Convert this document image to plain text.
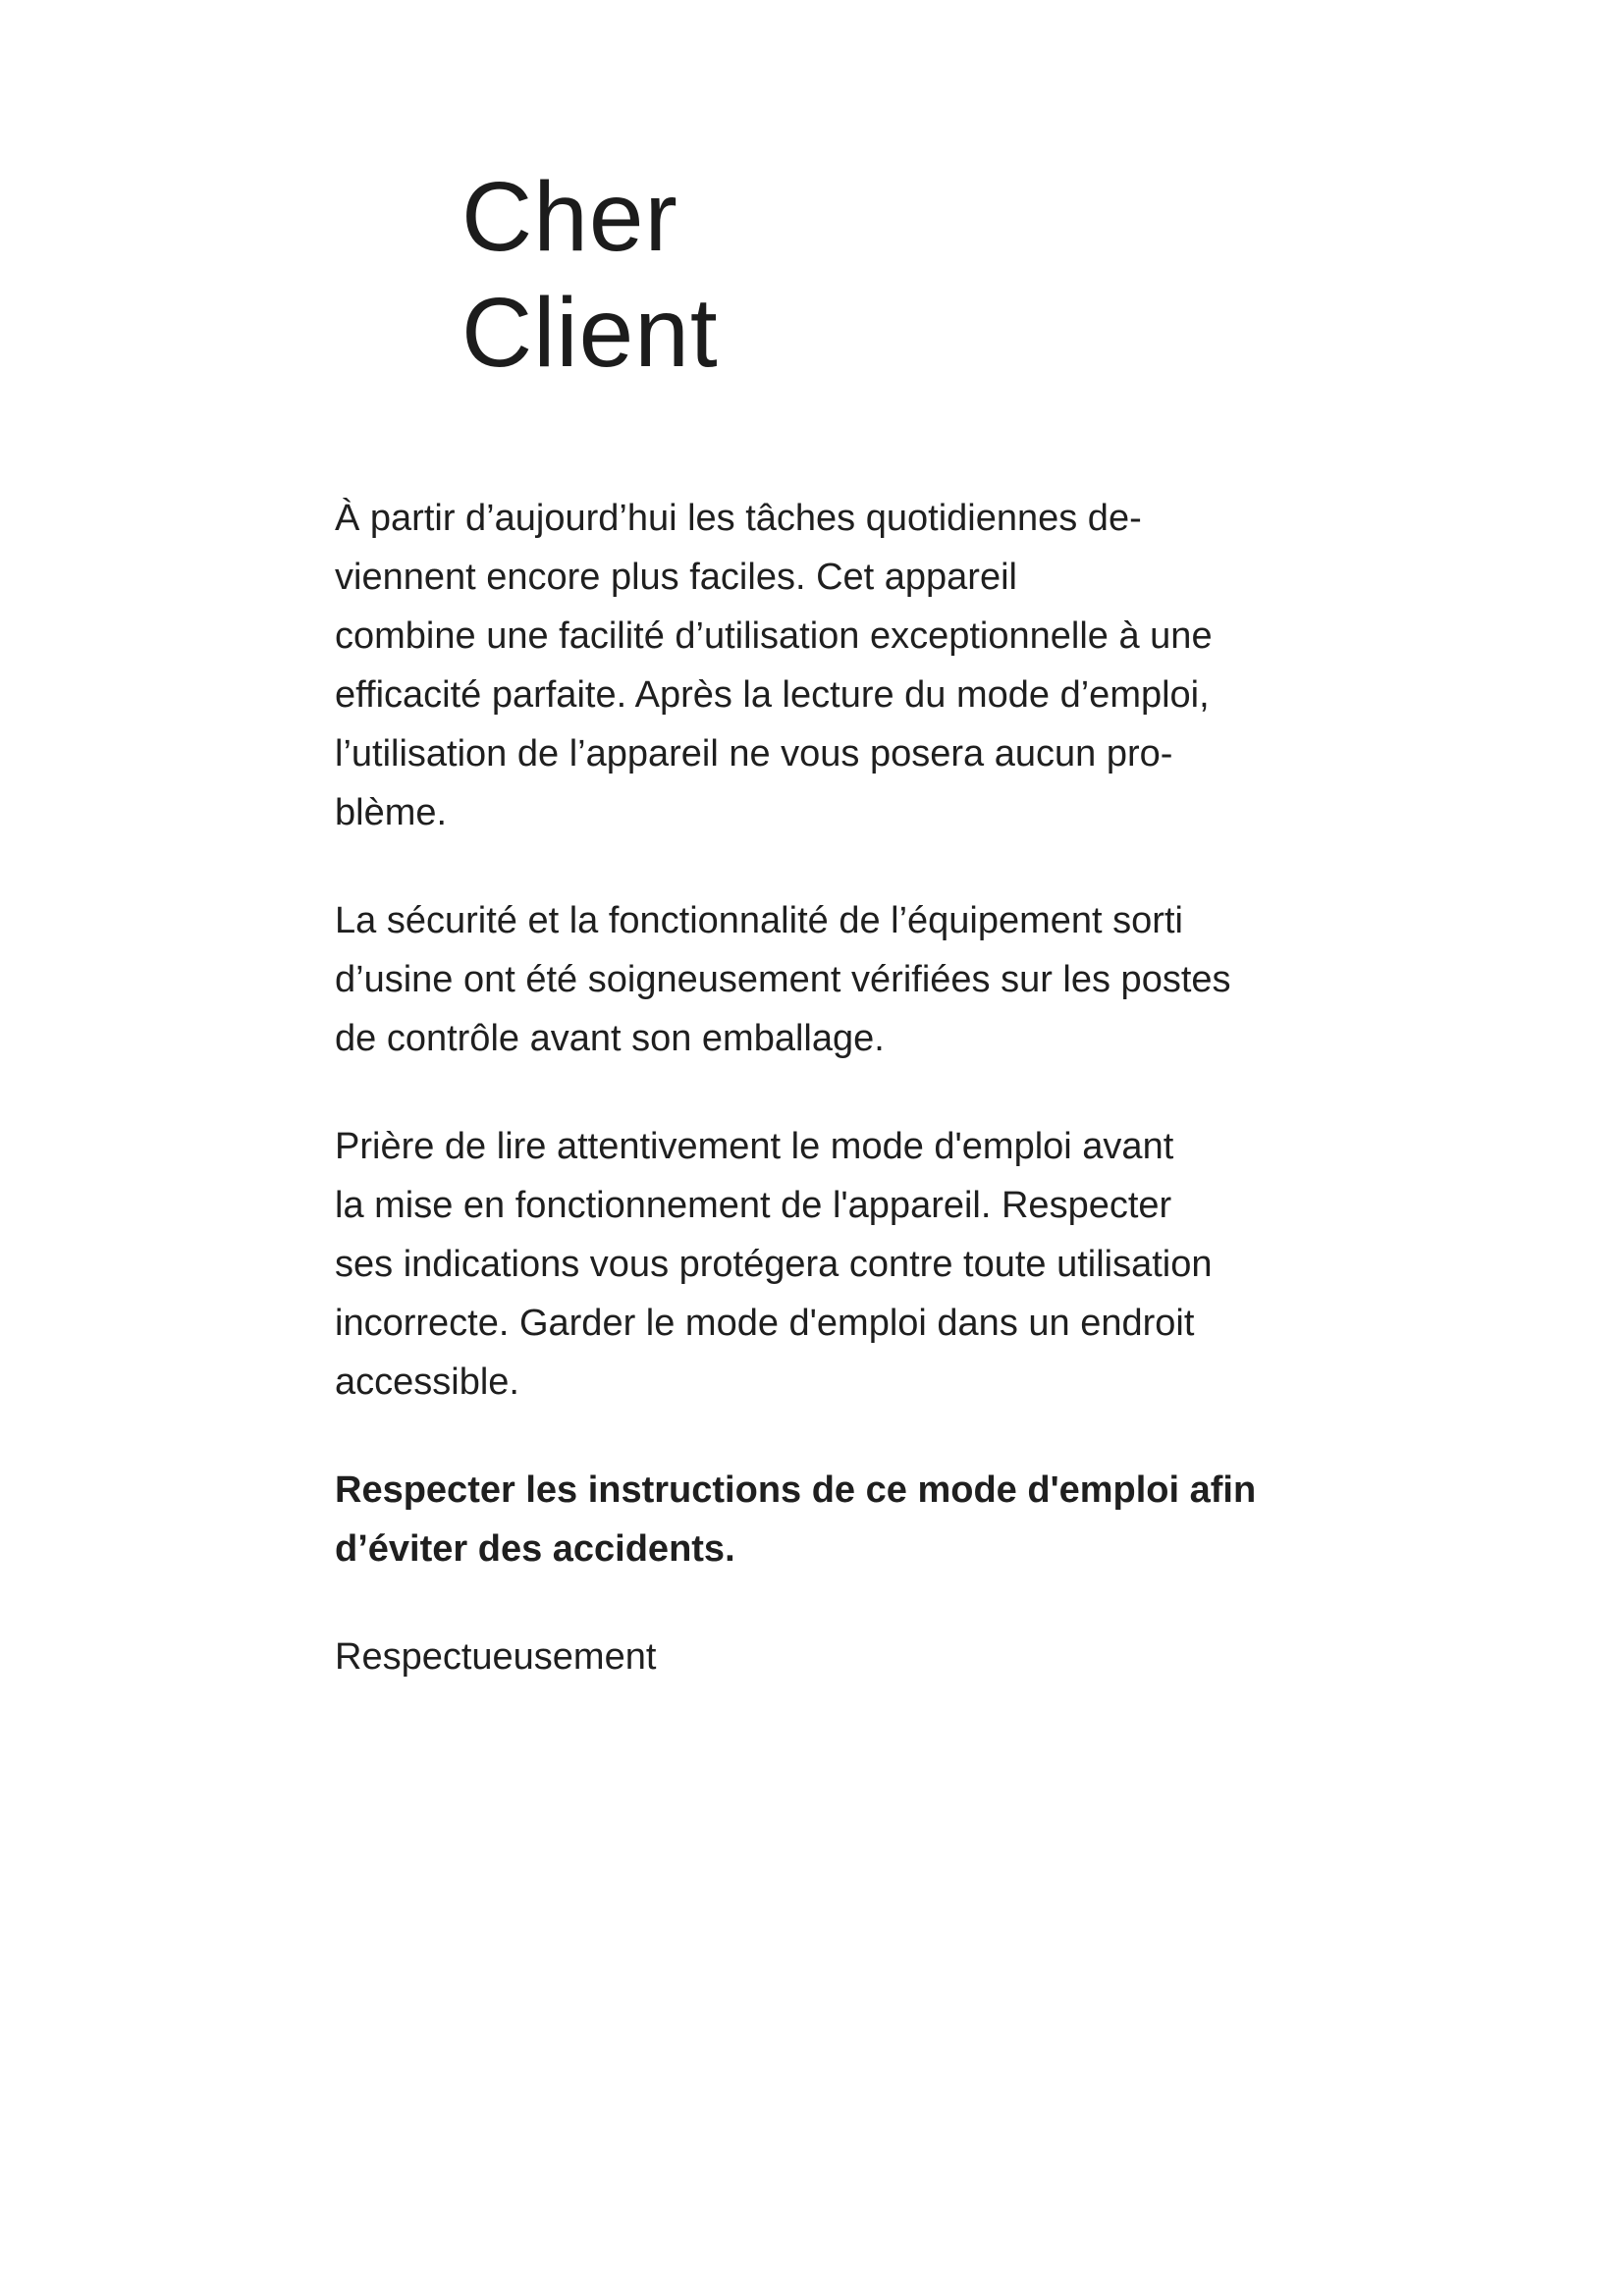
Cher
Client

À partir d’aujourd’hui les tâches quotidiennes de-
viennent encore plus faciles. Cet appareil
combine une facilité d’utilisation exceptionnelle à une
efficacité parfaite. Après la lecture du mode d’emploi,
l’utilisation de l’appareil ne vous posera aucun pro-
blème.

La sécurité et la fonctionnalité de l’équipement sorti
d’usine ont été soigneusement vérifiées sur les postes
de contrôle avant son emballage.

Prière de lire attentivement le mode d'emploi avant
la mise en fonctionnement de l'appareil. Respecter
ses indications vous protégera contre toute utilisation
incorrecte. Garder le mode d'emploi dans un endroit
accessible.

Respecter les instructions de ce mode d'emploi afin
d’éviter des accidents.

Respectueusement
